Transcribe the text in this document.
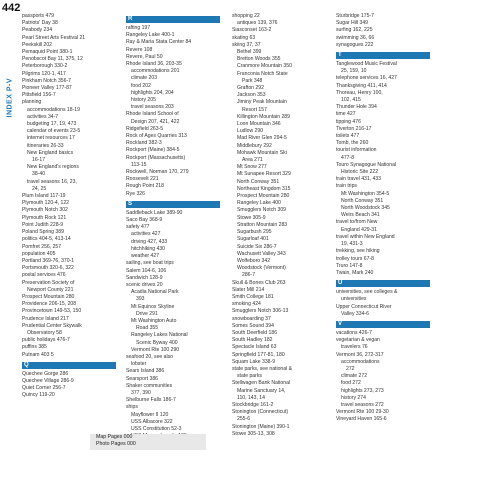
442
INDEX P-V
passports 479
Patriots' Day 38
Peabody 234
Pearl Street Arts Festival 21
Peekskill 202
Pemaquid Point 380-1
Penobscot Bay 11, 375, 12
Peterborough 330-2
Pilgrims 120-1, 417
Pinkham Notch 356-7
Pioneer Valley 177-87
Pittsfield 156-7
planning
accommodations 18-19
activities 34-7
budgeting 17, 19, 473
calendar of events 23-5
internet resources 17
itineraries 26-33
New England basics
16-17
New England's regions
38-40
travel seasons 16, 23,
24, 25
Plum Island 117-19
Plymouth 120-4, 122
Plymouth Notch 302
Plymouth Rock 121
Point Judith 228-9
Poland Spring 389
politics 404-5, 413-14
Pomfret 256, 257
population 405
Portland 369-76, 370-1
Portsmouth 320-6, 322
postal services 476
Preservation Society of
Newport County 221
Prospect Mountain 280
Providence 206-15, 208
Provincetown 149-53, 150
Prudence Island 217
Prudential Center Skywalk
Observatory 58
public holidays 476-7
puffins 385
Putnam 403 5
Q
Quechee Gorge 286
Quechee Village 286-9
Quiet Corner 256-7
Quincy 119-20
R
rafting 197
Rangeley Lake 400-1
Ray & Maria Stata Center 84
Revere 108
Revere, Paul 50
Rhode Island 36, 203-35
accommodations 201
climate 203
food 202
highlights 204, 204
history 205
travel seasons 203
Rhode Island School of
Design 207, 421, 422
Ridgefield 263-5
Rock of Ages Quarries 313
Rockland 382-3
Rockport (Maine) 384-5
Rockport (Massachusetts)
113-15
Rockwell, Norman 170, 279
Roosevelt 221
Rough Point 218
Rye 326
S
Saddleback Lake 389-90
Saco Bay 368-9
safety 477
activities 427
driving 427, 433
hitchhiking 430
weather 427
sailing, see boat trips
Salem 104-6, 106
Sandwich 128-9
scenic drives 20
Acadia National Park
393
Mt Equinox Skyline
Drive 291
Mt Washington Auto
Road 355
Rangeley Lakes National
Scenic Byway 400
Vermont Rte 100 290
seafood 20, see also
lobster
Sears Island 386
Searsport 386
Shaker communities
377, 390
Shelburne Falls 186-7
ships
Mayflower II 120
USS Albacore 322
USS Constitution 52-3
shopping 22
antiques 139, 376
Siasconset 163-2
skating 63
skiing 37, 37
Bethel 399
Bretton Woods 355
Cranmore Mountain 350
Franconia Notch State
Park 348
Grafton 292
Jackson 353
Jiminy Peak Mountain
Resort 157
Killington Mountain 289
Loon Mountain 346
Ludlow 290
Mad River Glen 294-5
Middlebury 292
Mohawk Mountain Ski
Area 271
Mt Snow 277
Mt Sunapee Resort 329
North Conway 351
Northeast Kingdom 315
Prospect Mountain 280
Rangeley Lake 400
Smugglers Notch 309
Stowe 305-9
Stratton Mountain 283
Sugarbush 295
Sugarloaf 401
Suicide Six 286-7
Wachusett Valley 343
Wolfeboro 342
Woodstock (Vermont)
286-7
Skull & Bones Club 263
Slater Mill 214
Smith College 181
smoking 424
Smugglers Notch 306-13
snowboarding 37
Somes Sound 394
South Deerfield 186
South Hadley 182
Spectacle Island 63
Springfield 177-81, 180
Squam Lake 338-9
state parks, see national &
state parks
Stellwagen Bank National
Marine Sanctuary 14,
110, 143, 14
Stockbridge 161-2
Stonington (Connecticut)
255-6
Stonington (Maine) 390-1
Stowe 305-13, 308
Sturbridge 175-7
Sugar Hill 349
surfing 162, 225
swimming 36, 66
synagogues 222
T
Tanglewood Music Festival
25, 159, 10
telephone services 16, 427
Thanksgiving 411, 414
Thoreau, Henry 100,
102, 415
Thunder Hole 394
time 427
tipping 476
Tiverton 216-17
toilets 477
Tomb, the 260
tourist information
477-8
Touro Synagogue National
Historic Site 222
train travel 431, 433
train trips
Mt Washington 354-5
North Conway 351
North Woodstock 345
Weirs Beach 341
travel to/from New
England 429-31
travel within New England
19, 431-3
trekking, see hiking
trolley tours 67-8
Truro 147-8
Twain, Mark 240
U
universities, see colleges &
universities
Upper Connecticut River
Valley 334-6
V
vacations 426-7
vegetarian & vegan
travelers 76
Vermont 36, 272-317
accommodations
272
climate 272
food 272
highlights 273, 273
history 274
travel seasons 272
Vermont Rte 100 29-30
Vineyard Haven 165-6
Map Pages 000
Photo Pages 000
